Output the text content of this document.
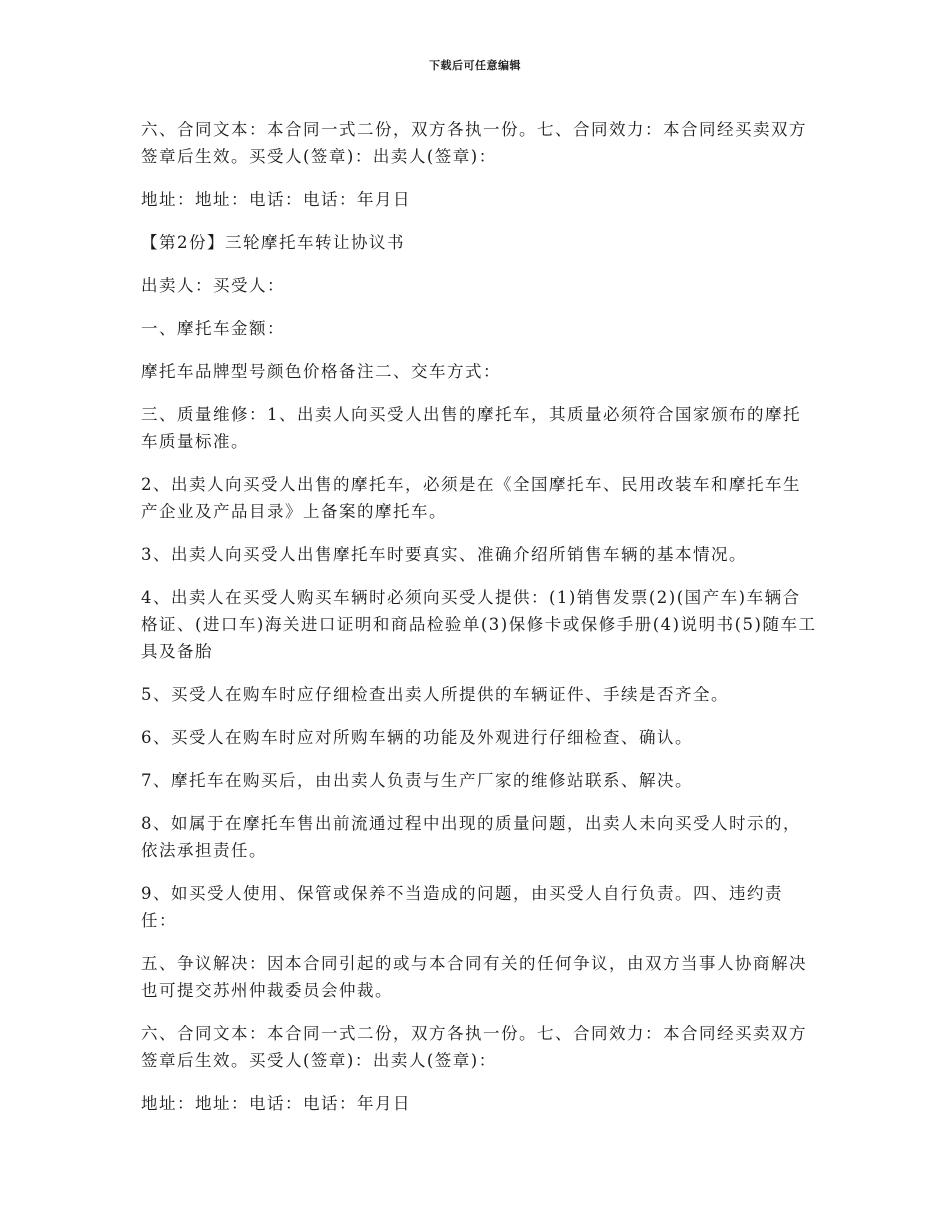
下载后可任意编辑

六、合同文本：本合同一式二份，双方各执一份。七、合同效力：本合同经买卖双方签章后生效。买受人(签章)：出卖人(签章)：

地址：地址：电话：电话：年月日

【第2份】三轮摩托车转让协议书

出卖人：买受人：

一、摩托车金额：

摩托车品牌型号颜色价格备注二、交车方式：

三、质量维修：1、出卖人向买受人出售的摩托车，其质量必须符合国家颁布的摩托车质量标准。

2、出卖人向买受人出售的摩托车，必须是在《全国摩托车、民用改装车和摩托车生产企业及产品目录》上备案的摩托车。

3、出卖人向买受人出售摩托车时要真实、准确介绍所销售车辆的基本情况。

4、出卖人在买受人购买车辆时必须向买受人提供：(1)销售发票(2)(国产车)车辆合格证、(进口车)海关进口证明和商品检验单(3)保修卡或保修手册(4)说明书(5)随车工具及备胎

5、买受人在购车时应仔细检查出卖人所提供的车辆证件、手续是否齐全。

6、买受人在购车时应对所购车辆的功能及外观进行仔细检查、确认。

7、摩托车在购买后，由出卖人负责与生产厂家的维修站联系、解决。

8、如属于在摩托车售出前流通过程中出现的质量问题，出卖人未向买受人时示的，依法承担责任。

9、如买受人使用、保管或保养不当造成的问题，由买受人自行负责。四、违约责任：

五、争议解决：因本合同引起的或与本合同有关的任何争议，由双方当事人协商解决也可提交苏州仲裁委员会仲裁。

六、合同文本：本合同一式二份，双方各执一份。七、合同效力：本合同经买卖双方签章后生效。买受人(签章)：出卖人(签章)：

地址：地址：电话：电话：年月日
